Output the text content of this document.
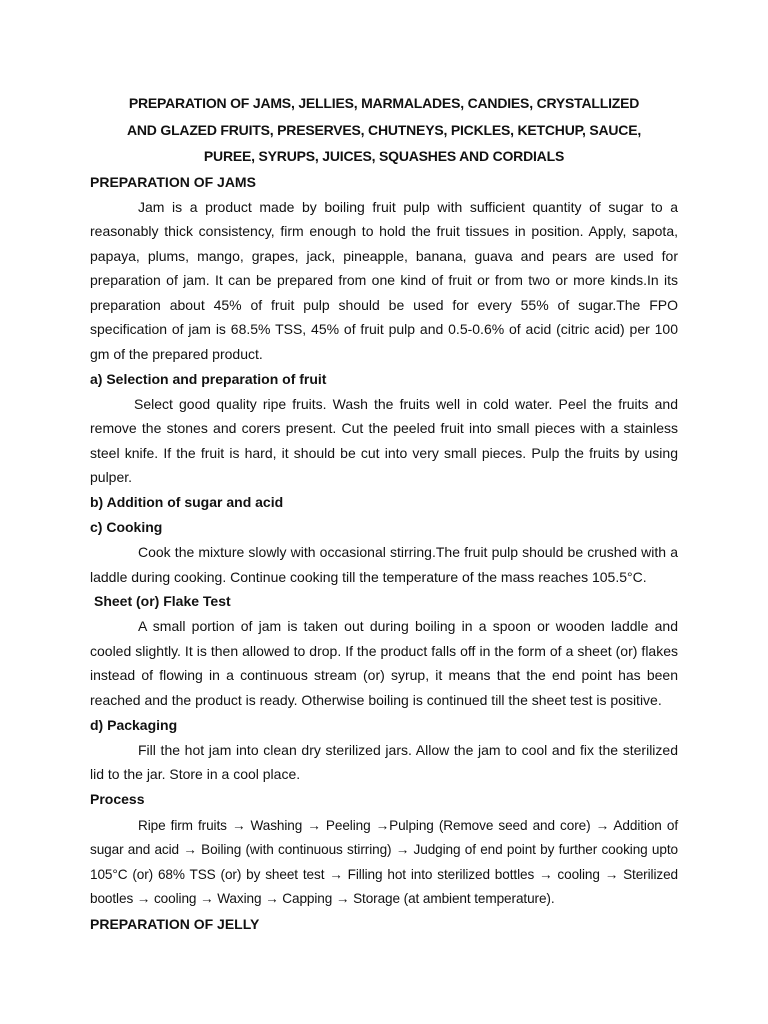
PREPARATION OF JAMS, JELLIES, MARMALADES, CANDIES, CRYSTALLIZED

AND GLAZED FRUITS, PRESERVES, CHUTNEYS, PICKLES, KETCHUP, SAUCE,

PUREE, SYRUPS, JUICES, SQUASHES AND CORDIALS

PREPARATION OF JAMS

Jam is a product made by boiling fruit pulp with sufficient quantity of sugar to a reasonably thick consistency, firm enough to hold the fruit tissues in position. Apply, sapota, papaya, plums, mango, grapes, jack, pineapple, banana, guava and pears are used for preparation of jam. It can be prepared from one kind of fruit or from two or more kinds.In its preparation about 45% of fruit pulp should be used for every 55% of sugar.The FPO specification of jam is 68.5% TSS, 45% of fruit pulp and 0.5-0.6% of acid (citric acid) per 100 gm of the prepared product.

a) Selection and preparation of fruit

Select good quality ripe fruits. Wash the fruits well in cold water. Peel the fruits and remove the stones and corers present. Cut the peeled fruit into small pieces with a stainless steel knife. If the fruit is hard, it should be cut into very small pieces. Pulp the fruits by using pulper.

b) Addition of sugar and acid

c) Cooking

Cook the mixture slowly with occasional stirring.The fruit pulp should be crushed with a laddle during cooking. Continue cooking till the temperature of the mass reaches 105.5°C.

Sheet (or) Flake Test

A small portion of jam is taken out during boiling in a spoon or wooden laddle and cooled slightly. It is then allowed to drop. If the product falls off in the form of a sheet (or) flakes instead of flowing in a continuous stream (or) syrup, it means that the end point has been reached and the product is ready. Otherwise boiling is continued till the sheet test is positive.

d) Packaging

Fill the hot jam into clean dry sterilized jars. Allow the jam to cool and fix the sterilized lid to the jar. Store in a cool place.

Process

Ripe firm fruits → Washing → Peeling →Pulping (Remove seed and core) → Addition of sugar and acid → Boiling (with continuous stirring) → Judging of end point by further cooking upto 105°C (or) 68% TSS (or) by sheet test → Filling hot into sterilized bottles → cooling → Sterilized bootles → cooling → Waxing → Capping → Storage (at ambient temperature).

PREPARATION OF JELLY
